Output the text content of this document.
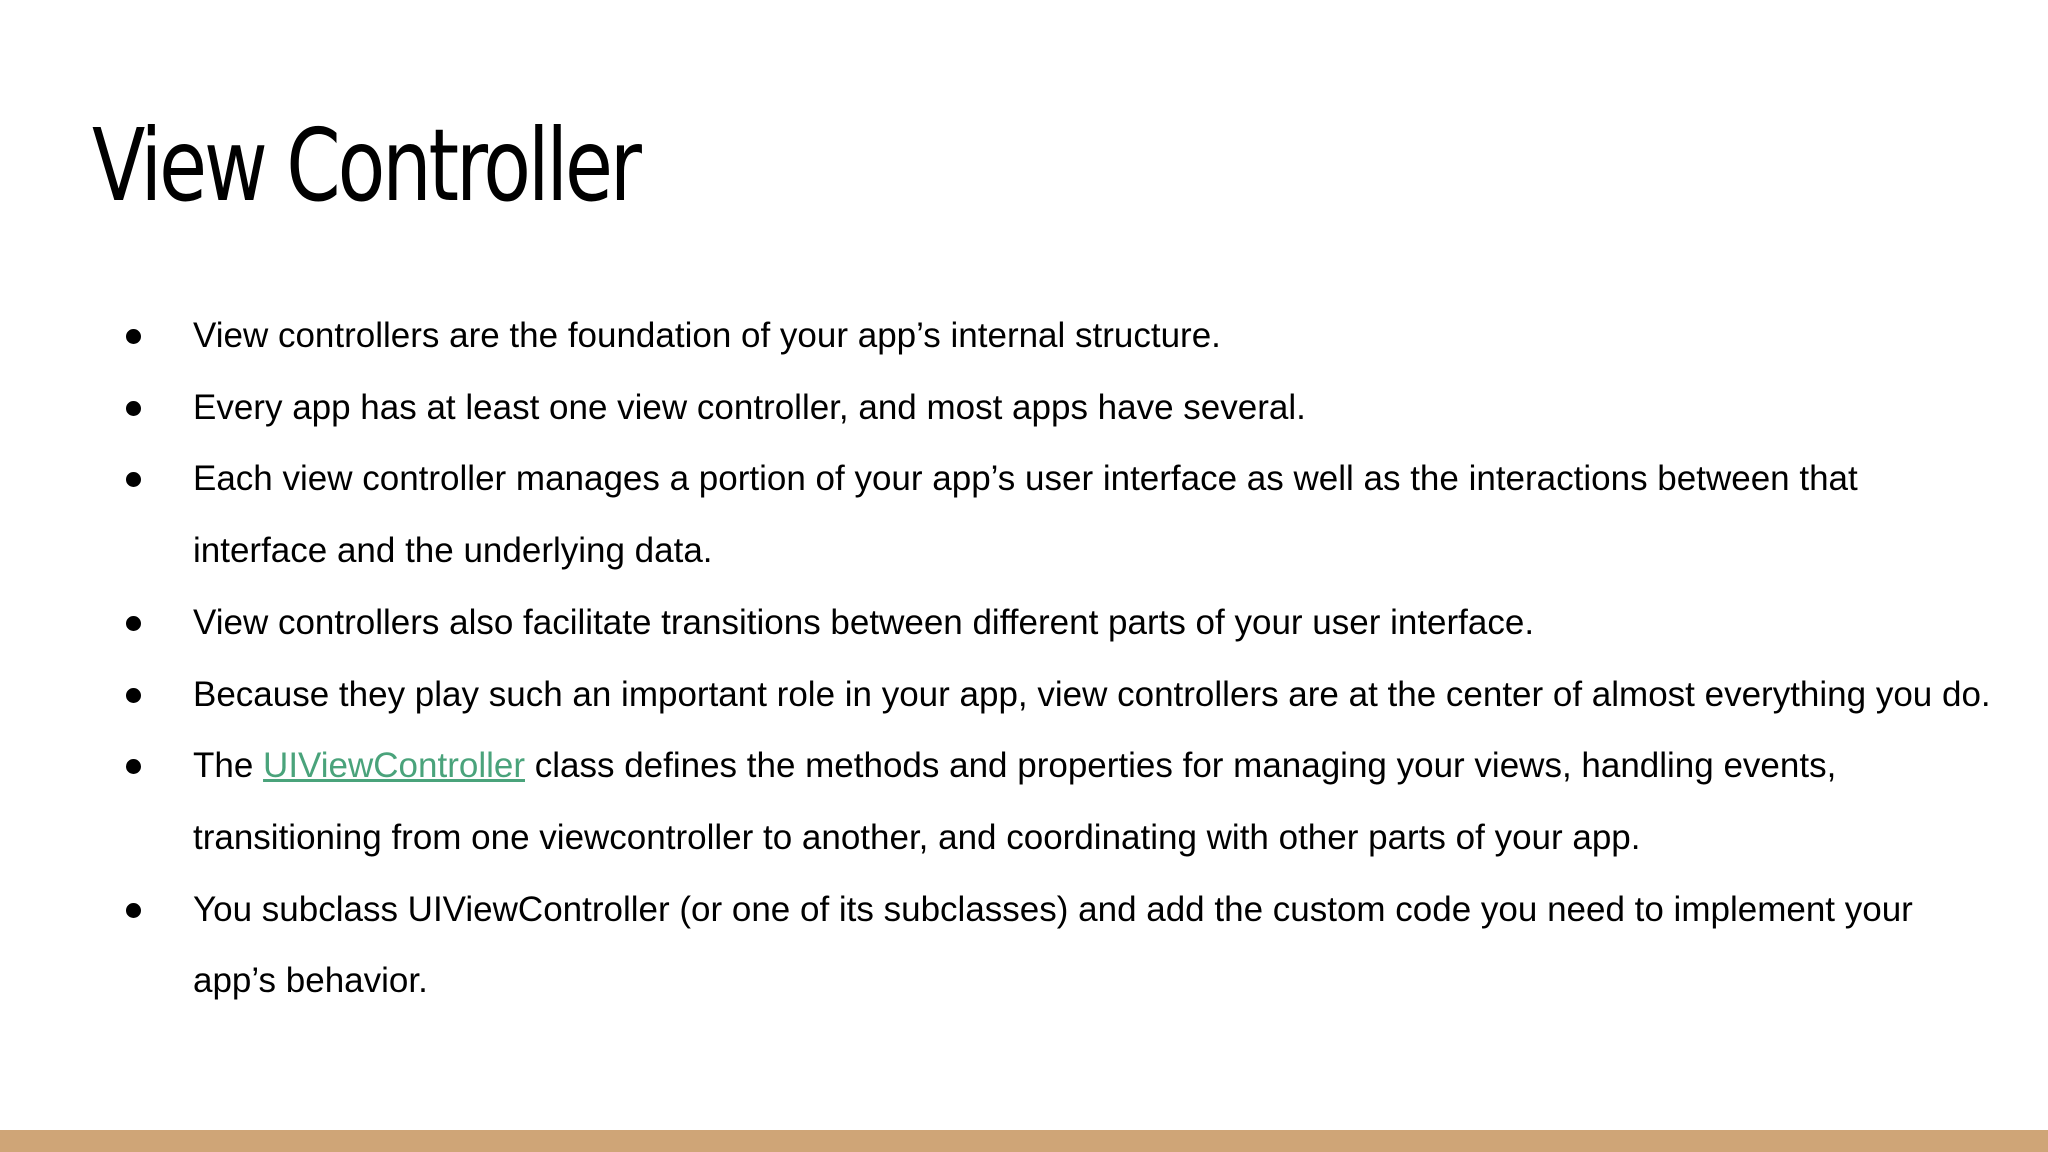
View Controller
View controllers are the foundation of your app’s internal structure.
Every app has at least one view controller, and most apps have several.
Each view controller manages a portion of your app’s user interface as well as the interactions between that interface and the underlying data.
View controllers also facilitate transitions between different parts of your user interface.
Because they play such an important role in your app, view controllers are at the center of almost everything you do.
The UIViewController class defines the methods and properties for managing your views, handling events, transitioning from one viewcontroller to another, and coordinating with other parts of your app.
You subclass UIViewController (or one of its subclasses) and add the custom code you need to implement your app’s behavior.
